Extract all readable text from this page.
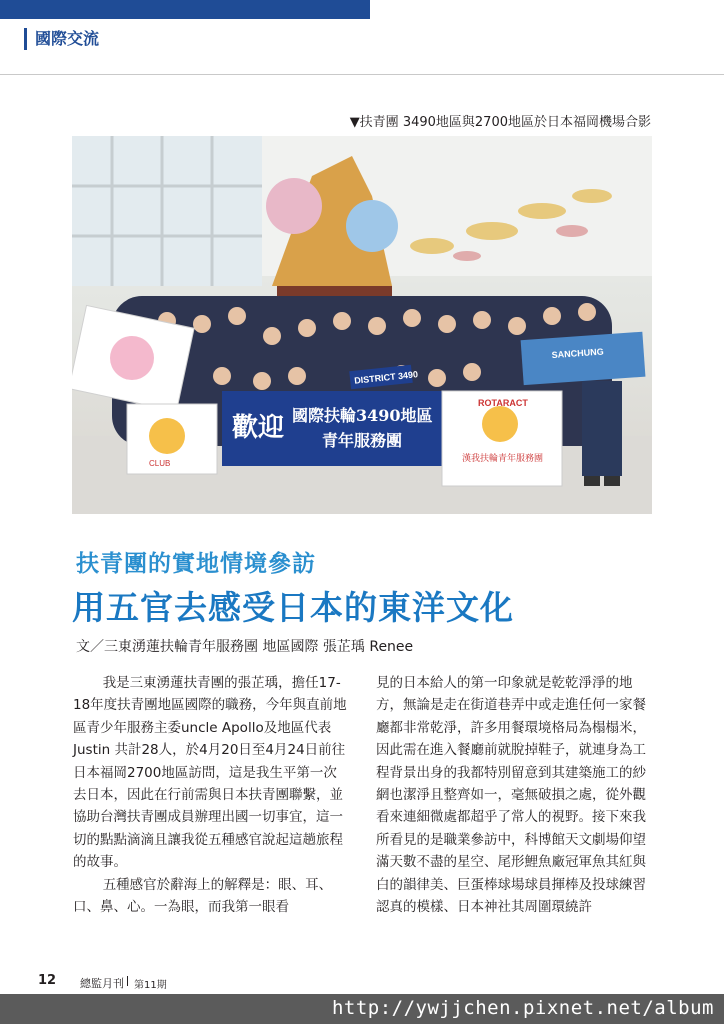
國際交流
▼扶青團 3490地區與2700地區於日本福岡機場合影
CLUB
歡迎 國際扶輪3490地區
青年服務團
DISTRICT 3490
ROTARACT
漢我扶輪青年服務團
SANCHUNG
扶青團的實地情境參訪
用五官去感受日本的東洋文化
文／三東湧蓮扶輪青年服務團 地區國際 張芷瑀 Renee

我是三東湧蓮扶青團的張芷瑀，擔任17-18年度扶青團地區國際的職務，今年與直前地區青少年服務主委uncle Apollo及地區代表Justin 共計28人，於4月20日至4月24日前往日本福岡2700地區訪問，這是我生平第一次去日本，因此在行前需與日本扶青團聯繫，並協助台灣扶青團成員辦理出國一切事宜，這一切的點點滴滴且讓我從五種感官說起這趟旅程的故事。

五種感官於辭海上的解釋是：眼、耳、口、鼻、心。一為眼，而我第一眼看

見的日本給人的第一印象就是乾乾淨淨的地方，無論是走在街道巷弄中或走進任何一家餐廳都非常乾淨，許多用餐環境格局為榻榻米，因此需在進入餐廳前就脫掉鞋子，就連身為工程背景出身的我都特別留意到其建築施工的紗網也潔淨且整齊如一，毫無破損之處，從外觀看來連細微處都超乎了常人的視野。接下來我所看見的是職業參訪中，科博館天文劇場仰望滿天數不盡的星空、尾形鯉魚廠冠軍魚其紅與白的韻律美、巨蛋棒球場球員揮棒及投球練習認真的模樣、日本神社其周圍環繞許

12 總監月刊 第11期
http://ywjjchen.pixnet.net/album
